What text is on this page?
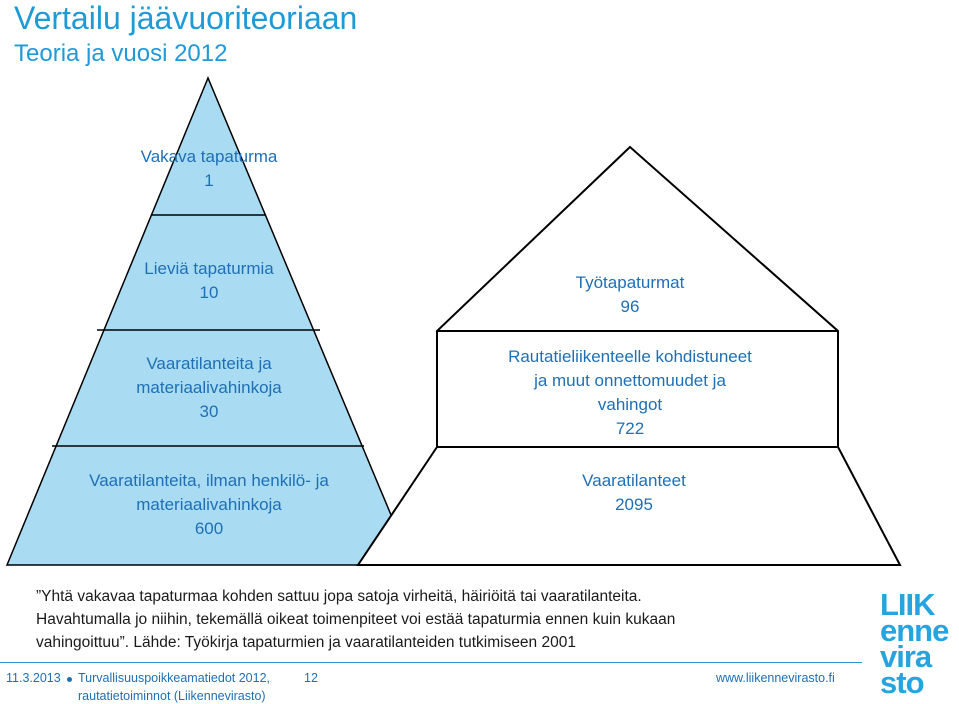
Vertailu jäävuoriteoriaan
Teoria ja vuosi 2012
Vakava tapaturma
1
Lieviä tapaturmia
10
Vaaratilanteita ja
materiaalivahinkoja
30
Vaaratilanteita, ilman henkilö- ja
materiaalivahinkoja
600
Työtapaturmat
96
Rautatieliikenteelle kohdistuneet
ja muut onnettomuudet ja
vahingot
722
Vaaratilanteet
2095
”Yhtä vakavaa tapaturmaa kohden sattuu jopa satoja virheitä, häiriöitä tai vaaratilanteita.
Havahtumalla jo niihin, tekemällä oikeat toimenpiteet voi estää tapaturmia ennen kuin kukaan
vahingoittuu”. Lähde: Työkirja tapaturmien ja vaaratilanteiden tutkimiseen 2001
11.3.2013 Turvallisuuspoikkeamatiedot 2012,
rautatietoiminnot (Liikennevirasto)
12	www.liikennevirasto.fi
LIIK
enne
vira
sto
